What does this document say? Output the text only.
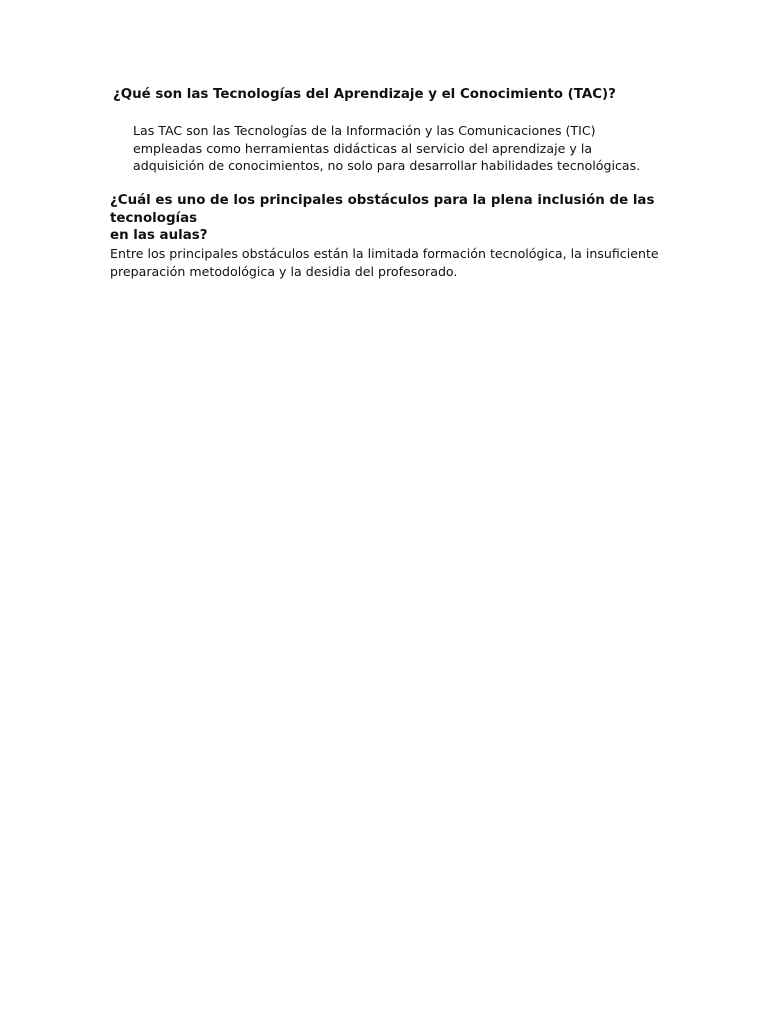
¿Qué son las Tecnologías del Aprendizaje y el Conocimiento (TAC)?
Las TAC son las Tecnologías de la Información y las Comunicaciones (TIC)
empleadas como herramientas didácticas al servicio del aprendizaje y la
adquisición de conocimientos, no solo para desarrollar habilidades tecnológicas.
¿Cuál es uno de los principales obstáculos para la plena inclusión de las tecnologías
en las aulas?
Entre los principales obstáculos están la limitada formación tecnológica, la insuficiente
preparación metodológica y la desidia del profesorado.
